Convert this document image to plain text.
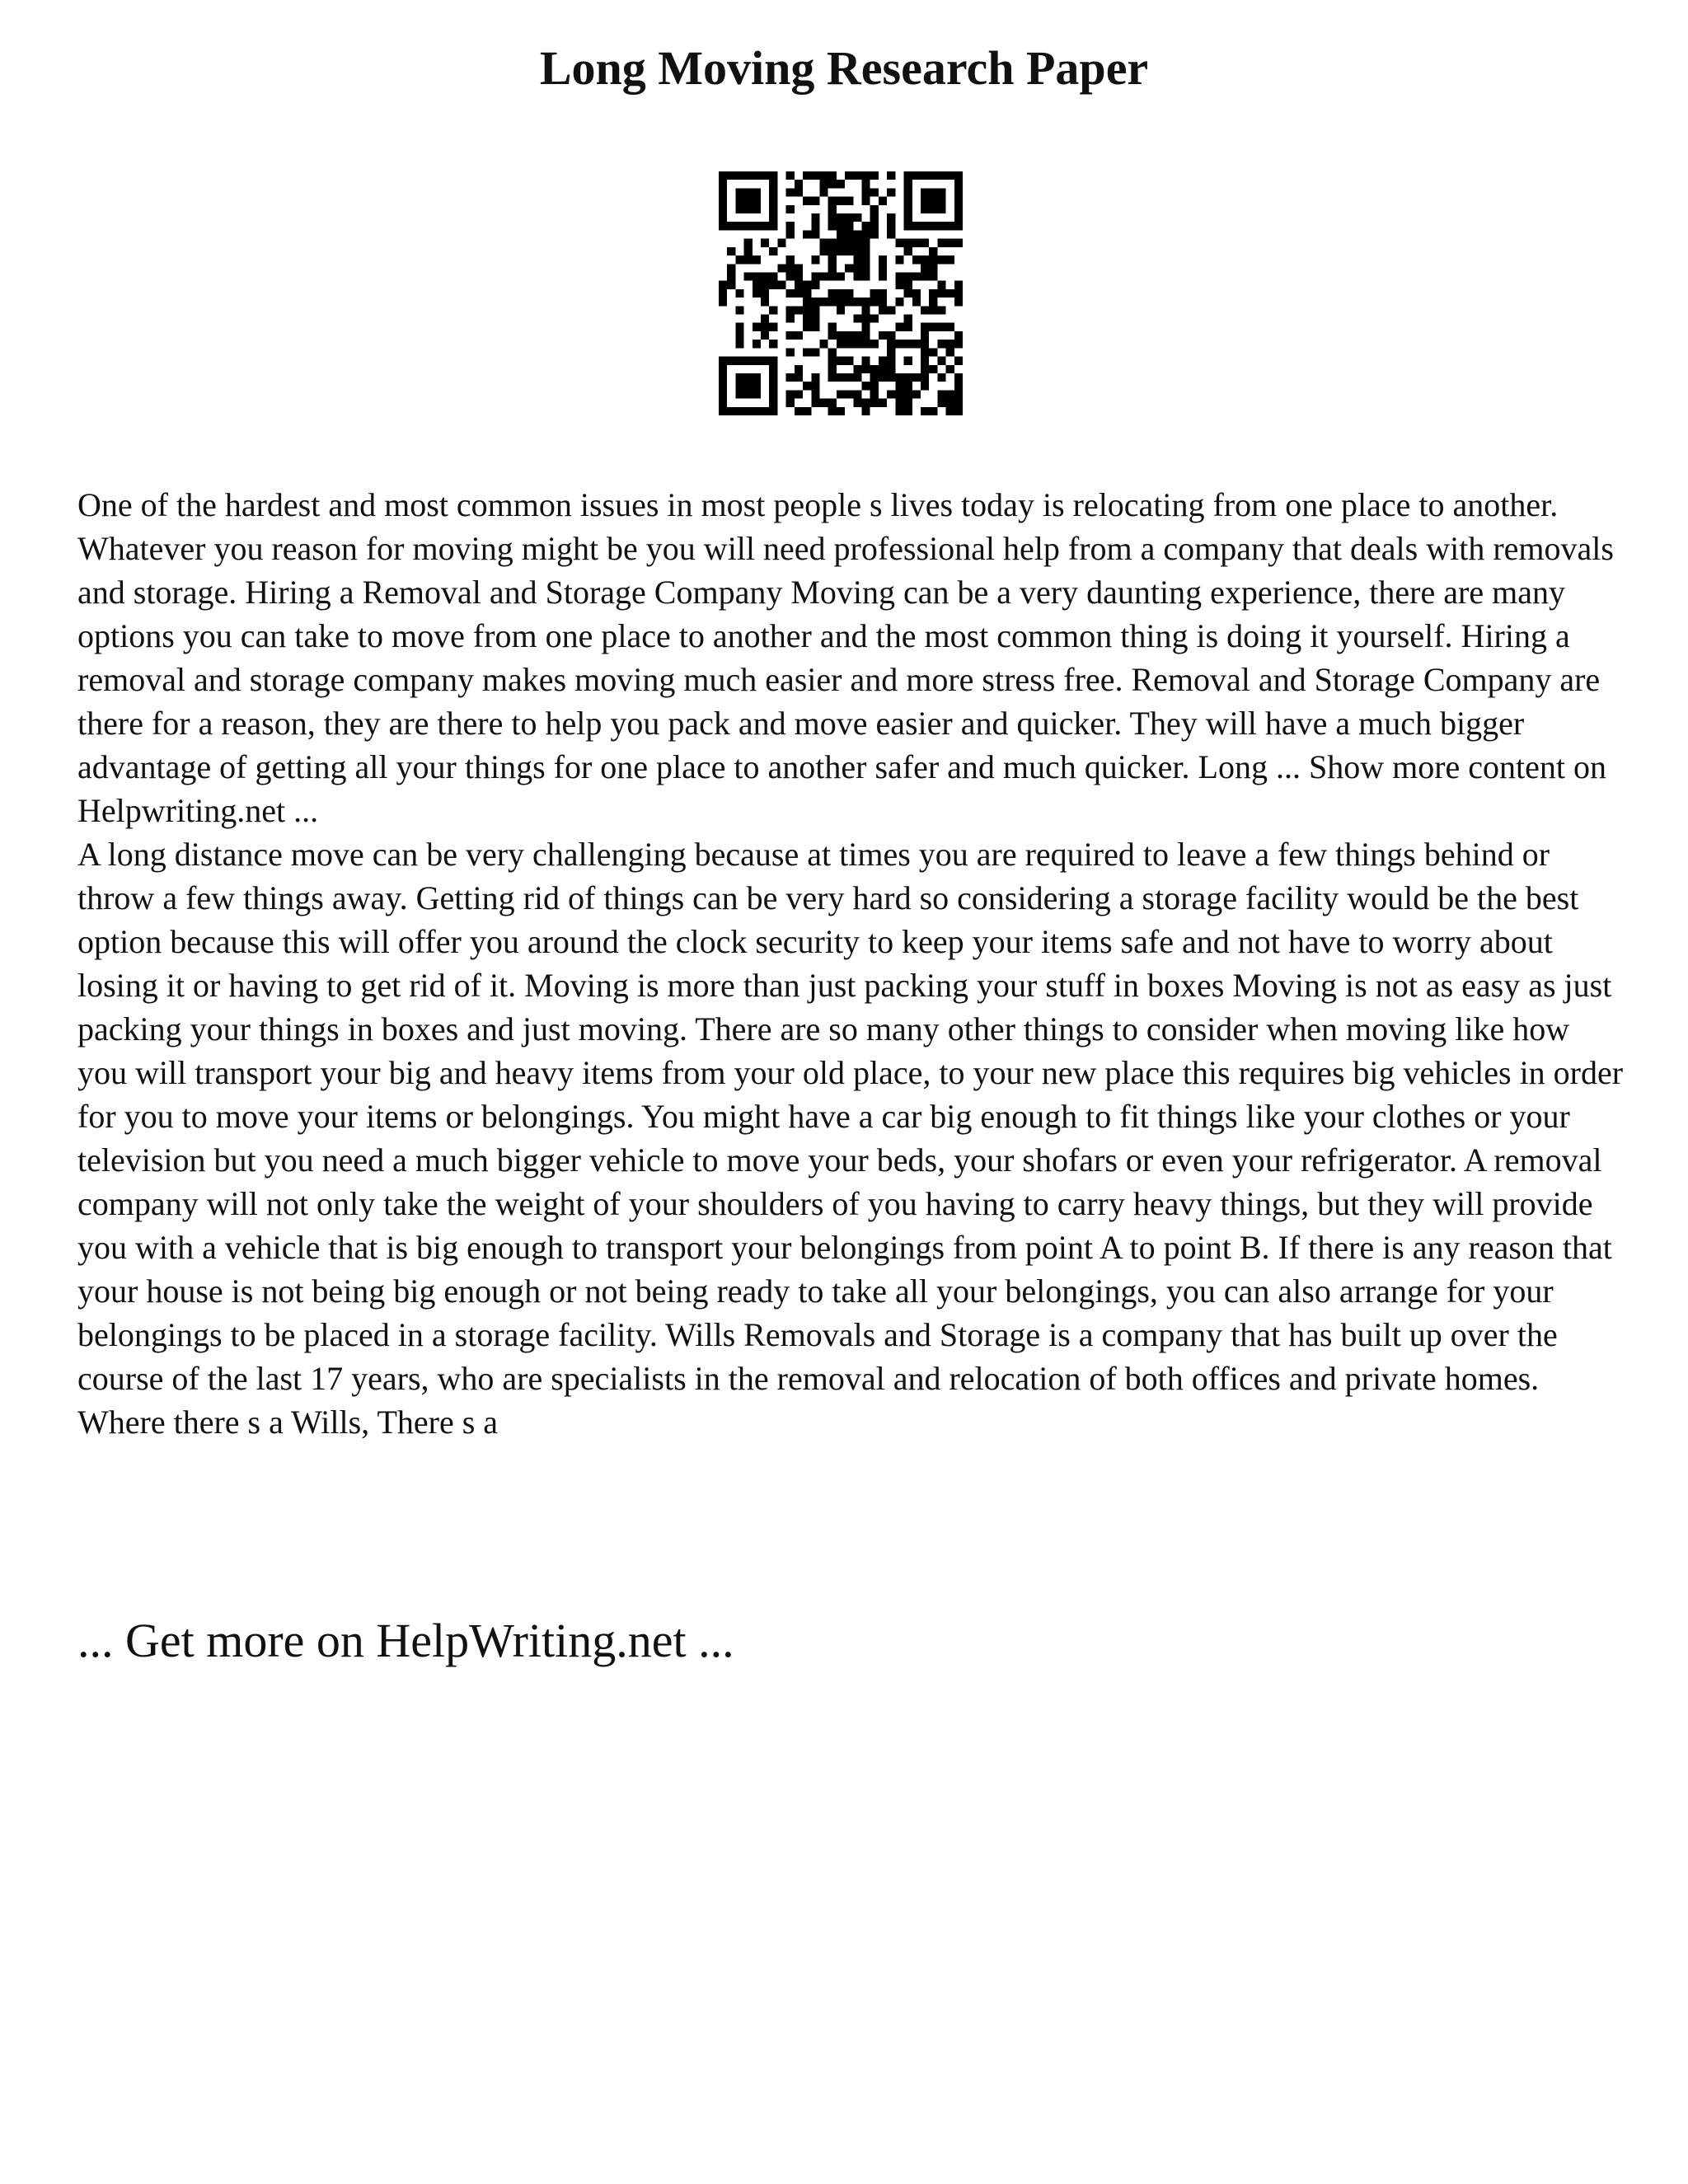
Long Moving Research Paper

One of the hardest and most common issues in most people s lives today is relocating from one place to another. Whatever you reason for moving might be you will need professional help from a company that deals with removals and storage. Hiring a Removal and Storage Company Moving can be a very daunting experience, there are many options you can take to move from one place to another and the most common thing is doing it yourself. Hiring a removal and storage company makes moving much easier and more stress free. Removal and Storage Company are there for a reason, they are there to help you pack and move easier and quicker. They will have a much bigger advantage of getting all your things for one place to another safer and much quicker. Long ... Show more content on Helpwriting.net ...

A long distance move can be very challenging because at times you are required to leave a few things behind or throw a few things away. Getting rid of things can be very hard so considering a storage facility would be the best option because this will offer you around the clock security to keep your items safe and not have to worry about losing it or having to get rid of it. Moving is more than just packing your stuff in boxes Moving is not as easy as just packing your things in boxes and just moving. There are so many other things to consider when moving like how you will transport your big and heavy items from your old place, to your new place this requires big vehicles in order for you to move your items or belongings. You might have a car big enough to fit things like your clothes or your television but you need a much bigger vehicle to move your beds, your shofars or even your refrigerator. A removal company will not only take the weight of your shoulders of you having to carry heavy things, but they will provide you with a vehicle that is big enough to transport your belongings from point A to point B. If there is any reason that your house is not being big enough or not being ready to take all your belongings, you can also arrange for your belongings to be placed in a storage facility. Wills Removals and Storage is a company that has built up over the course of the last 17 years, who are specialists in the removal and relocation of both offices and private homes. Where there s a Wills, There s a

... Get more on HelpWriting.net ...
